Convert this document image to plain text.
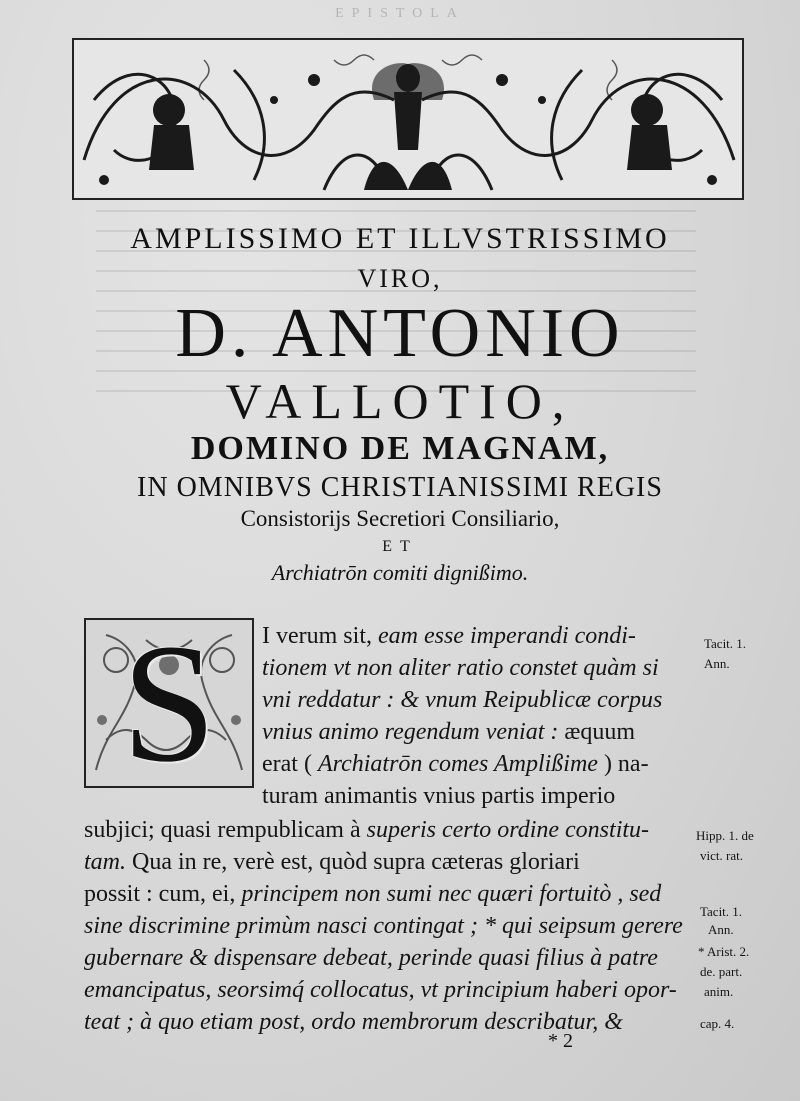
EPISTOLA
AMPLISSIMO ET ILLVSTRISSIMO
VIRO,
D. ANTONIO
VALLOTIO,
DOMINO DE MAGNAM,
IN OMNIBVS CHRISTIANISSIMI REGIS
Consistorijs Secretiori Consiliario,
ET
Archiatrōn comiti dignißimo.
S	I verum sit, eam esse imperandi condi-
tionem vt non aliter ratio constet quàm si
vni reddatur : & vnum Reipublicæ corpus
vnius animo regendum veniat : æquum
erat ( Archiatrōn comes Amplißime ) na-
turam animantis vnius partis imperio
subjici; quasi rempublicam à superis certo ordine constitu-
tam. Qua in re, verè est, quòd supra cæteras gloriari
possit : cum, ei, principem non sumi nec quæri fortuitò , sed
sine discrimine primùm nasci contingat ; * qui seipsum gerere
gubernare & dispensare debeat, perinde quasi filius à patre
emancipatus, seorsimq́ collocatus, vt principium haberi opor-
teat ; à quo etiam post, ordo membrorum describatur, &
Tacit. 1.
Ann.
Hipp. 1. de
vict. rat.
Tacit. 1.
Ann.
* Arist. 2.
de. part.
anim.
cap. 4.
* 2
